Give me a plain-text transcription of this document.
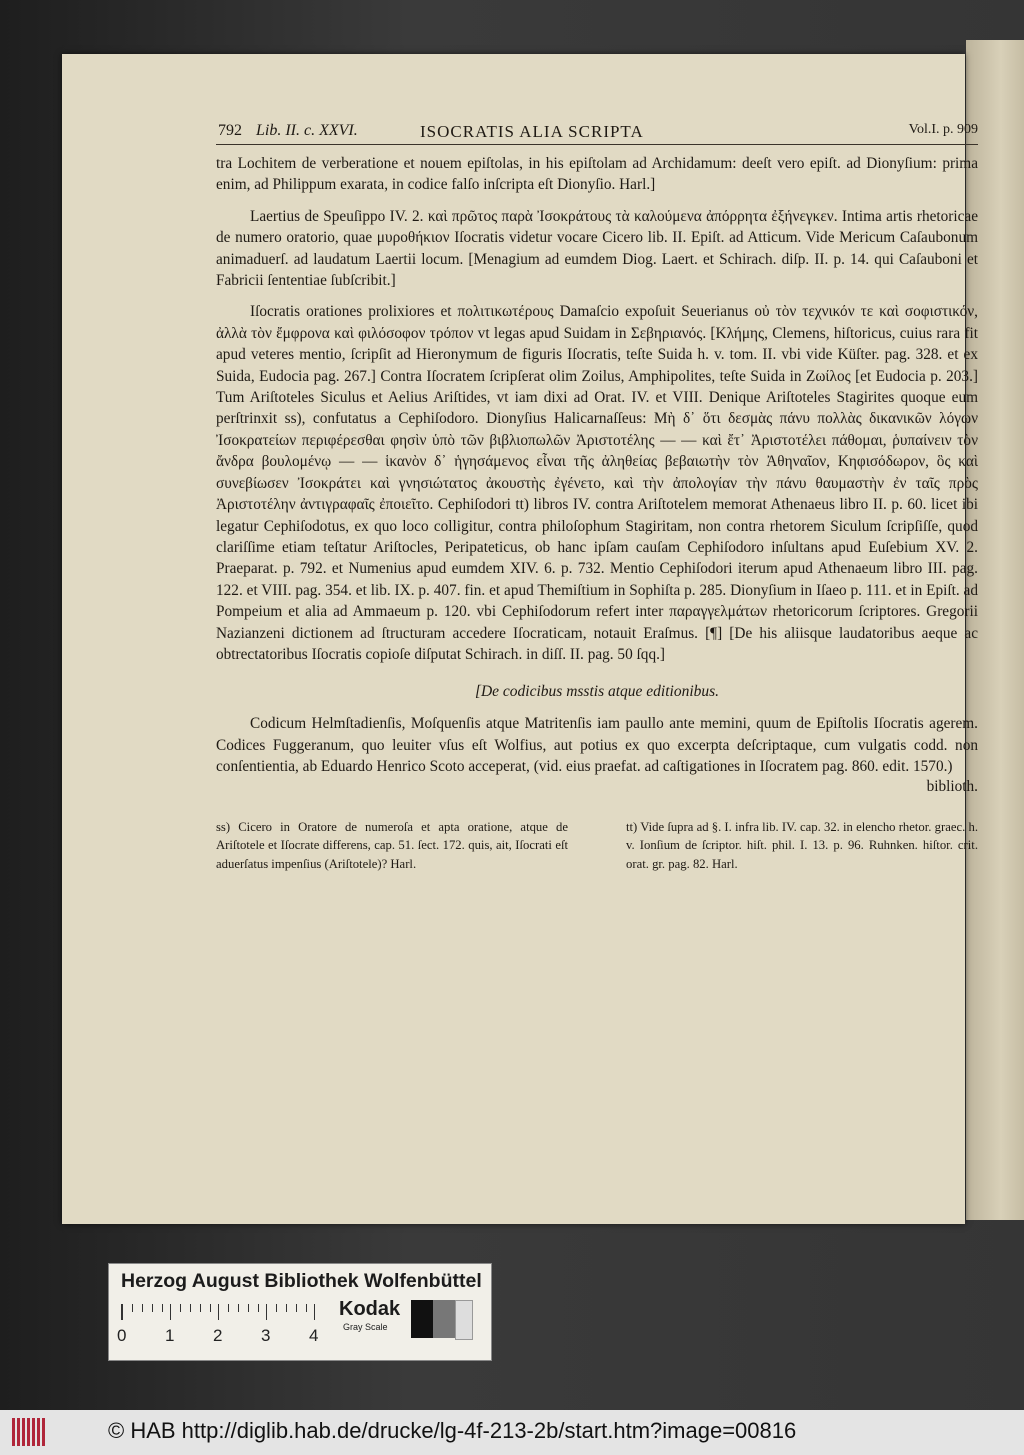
792 Lib. II. c. XXVI.	ISOCRATIS ALIA SCRIPTA	Vol.I. p. 909

tra Lochitem de verberatione et nouem epiſtolas, in his epiſtolam ad Archidamum: deeſt vero epiſt. ad Dionyſium: prima enim, ad Philippum exarata, in codice falſo inſcripta eſt Dionyſio. Harl.]

Laertius de Speuſippo IV. 2. καὶ πρῶτος παρὰ Ἰσοκράτους τὰ καλούμενα ἀπόρρητα ἐξήνεγκεν. Intima artis rhetoricae de numero oratorio, quae μυροθήκιον Iſocratis videtur vocare Cicero lib. II. Epiſt. ad Atticum. Vide Mericum Caſaubonum animaduerſ. ad laudatum Laertii locum. [Menagium ad eumdem Diog. Laert. et Schirach. diſp. II. p. 14. qui Caſauboni et Fabricii ſententiae ſubſcribit.]

Iſocratis orationes prolixiores et πολιτικωτέρους Damaſcio expoſuit Seuerianus οὐ τὸν τεχνικόν τε καὶ σοφιστικόν, ἀλλὰ τὸν ἔμφρονα καὶ φιλόσοφον τρόπον vt legas apud Suidam in Σεβηριανός. [Κλήμης, Clemens, hiſtoricus, cuius rara fit apud veteres mentio, ſcripſit ad Hieronymum de figuris Iſocratis, teſte Suida h. v. tom. II. vbi vide Küſter. pag. 328. et ex Suida, Eudocia pag. 267.] Contra Iſocratem ſcripſerat olim Zoilus, Amphipolites, teſte Suida in Ζωίλος [et Eudocia p. 203.] Tum Ariſtoteles Siculus et Aelius Ariſtides, vt iam dixi ad Orat. IV. et VIII. Denique Ariſtoteles Stagirites quoque eum perſtrinxit ss), confutatus a Cephiſodoro. Dionyſius Halicarnaſſeus: Μὴ δ᾽ ὅτι δεσμὰς πάνυ πολλὰς δικανικῶν λόγων Ἰσοκρατείων περιφέρεσθαι φησὶν ὑπὸ τῶν βιβλιοπωλῶν Ἀριστοτέλης — — καὶ ἔτ᾽ Ἀριστοτέλει πάθομαι, ῥυπαίνειν τὸν ἄνδρα βουλομένῳ — — ἱκανὸν δ᾽ ἡγησάμενος εἶναι τῆς ἀληθείας βεβαιωτὴν τὸν Ἀθηναῖον, Κηφισόδωρον, ὃς καὶ συνεβίωσεν Ἰσοκράτει καὶ γνησιώτατος ἀκουστὴς ἐγένετο, καὶ τὴν ἀπολογίαν τὴν πάνυ θαυμαστὴν ἐν ταῖς πρὸς Ἀριστοτέλην ἀντιγραφαῖς ἐποιεῖτο. Cephiſodori tt) libros IV. contra Ariſtotelem memorat Athenaeus libro II. p. 60. licet ibi legatur Cephiſodotus, ex quo loco colligitur, contra philoſophum Stagiritam, non contra rhetorem Siculum ſcripſiſſe, quod clariſſime etiam teſtatur Ariſtocles, Peripateticus, ob hanc ipſam cauſam Cephiſodoro inſultans apud Euſebium XV. 2. Praeparat. p. 792. et Numenius apud eumdem XIV. 6. p. 732. Mentio Cephiſodori iterum apud Athenaeum libro III. pag. 122. et VIII. pag. 354. et lib. IX. p. 407. fin. et apud Themiſtium in Sophiſta p. 285. Dionyſium in Iſaeo p. 111. et in Epiſt. ad Pompeium et alia ad Ammaeum p. 120. vbi Cephiſodorum refert inter παραγγελμάτων rhetoricorum ſcriptores. Gregorii Nazianzeni dictionem ad ſtructuram accedere Iſocraticam, notauit Eraſmus. [¶] [De his aliisque laudatoribus aeque ac obtrectatoribus Iſocratis copioſe diſputat Schirach. in diſſ. II. pag. 50 ſqq.]

[De codicibus msstis atque editionibus.

Codicum Helmſtadienſis, Moſquenſis atque Matritenſis iam paullo ante memini, quum de Epiſtolis Iſocratis agerem. Codices Fuggeranum, quo leuiter vſus eſt Wolfius, aut potius ex quo excerpta deſcriptaque, cum vulgatis codd. non conſentientia, ab Eduardo Henrico Scoto acceperat, (vid. eius praefat. ad caſtigationes in Iſocratem pag. 860. edit. 1570.)

biblioth.
ss) Cicero in Oratore de numeroſa et apta oratione, atque de Ariſtotele et Iſocrate differens, cap. 51. ſect. 172. quis, ait, Iſocrati eſt aduerſatus impenſius (Ariſtotele)? Harl.
tt) Vide ſupra ad §. I. infra lib. IV. cap. 32. in elencho rhetor. graec. h. v. Ionſium de ſcriptor. hiſt. phil. I. 13. p. 96. Ruhnken. hiſtor. crit. orat. gr. pag. 82. Harl.
Herzog August Bibliothek Wolfenbüttel
0 1 2 3 4
Kodak
Gray Scale
© HAB http://diglib.hab.de/drucke/lg-4f-213-2b/start.htm?image=00816
